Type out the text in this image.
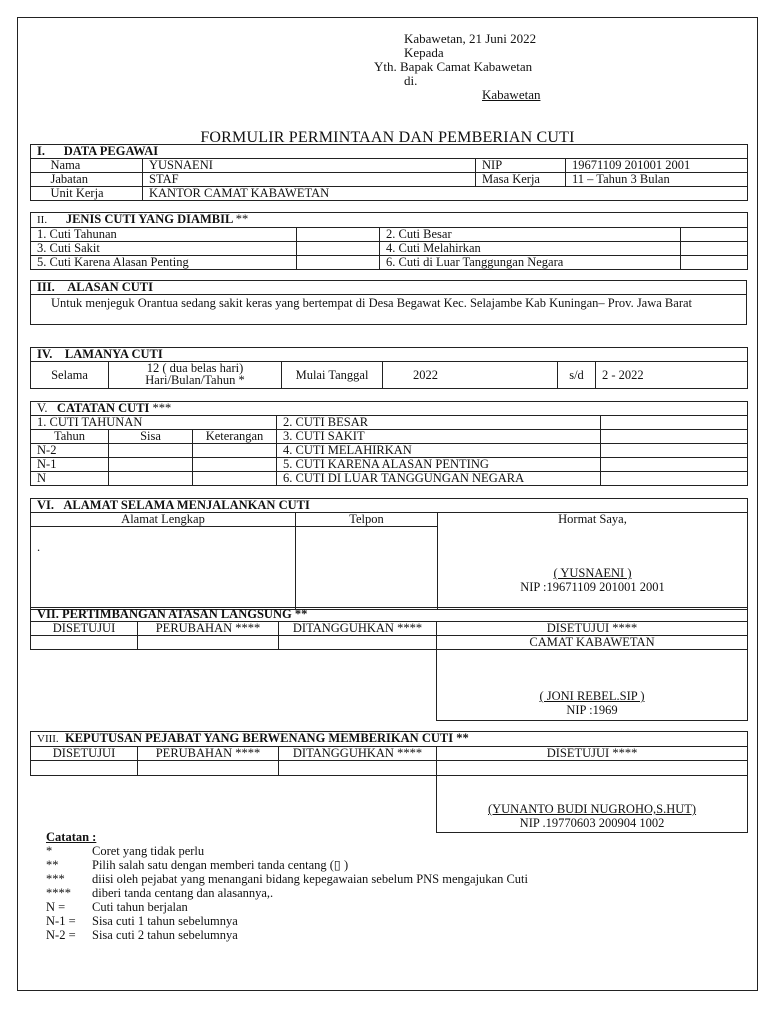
Kabawetan, 21 Juni 2022
Kepada
Yth. Bapak Camat Kabawetan
di.
Kabawetan
FORMULIR PERMINTAAN DAN PEMBERIAN CUTI
I. DATA PEGAWAI				
	Nama	YUSNAENI	NIP	19671109 201001 2001
	Jabatan	STAF	Masa Kerja	11 – Tahun 3 Bulan
	Unit Kerja	KANTOR CAMAT KABAWETAN		
II. JENIS CUTI YANG DIAMBIL **			
1. Cuti Tahunan		2. Cuti Besar	
3. Cuti Sakit		4. Cuti Melahirkan	
5. Cuti Karena Alasan Penting		6. Cuti di Luar Tanggungan Negara	
III. ALASAN CUTI
Untuk menjeguk Orantua sedang sakit keras yang bertempat di Desa Begawat Kec. Selajambe Kab Kuningan– Prov. Jawa Barat
IV. LAMANYA CUTI
Selama	12 ( dua belas hari)
Hari/Bulan/Tahun *	Mulai Tanggal	2022	s/d	2 - 2022
V. CATATAN CUTI ***				
1. CUTI TAHUNAN			2. CUTI BESAR	
Tahun	Sisa	Keterangan	3. CUTI SAKIT	
N-2			4. CUTI MELAHIRKAN	
N-1			5. CUTI KARENA ALASAN PENTING	
N			6. CUTI DI LUAR TANGGUNGAN NEGARA	
VI. ALAMAT SELAMA MENJALANKAN CUTI		
Alamat Lengkap	Telpon	Hormat Saya,
( YUSNAENI )
NIP :19671109 201001 2001

.		
VII. PERTIMBANGAN ATASAN LANGSUNG **			
DISETUJUI	PERUBAHAN ****	DITANGGUHKAN ****	DISETUJUI ****
			CAMAT KABAWETAN

			( JONI REBEL.SIP )
NIP :1969
VIII. KEPUTUSAN PEJABAT YANG BERWENANG MEMBERIKAN CUTI **			
DISETUJUI	PERUBAHAN ****	DITANGGUHKAN ****	DISETUJUI ****

			(YUNANTO BUDI NUGROHO,S.HUT)
NIP .19770603 200904 1002
Catatan :
*	Coret yang tidak perlu
**	Pilih salah satu dengan memberi tanda centang (▯ )
***	diisi oleh pejabat yang menangani bidang kepegawaian sebelum PNS mengajukan Cuti
****	diberi tanda centang dan alasannya,.
N =	Cuti tahun berjalan
N-1 =	Sisa cuti 1 tahun sebelumnya
N-2 =	Sisa cuti 2 tahun sebelumnya
